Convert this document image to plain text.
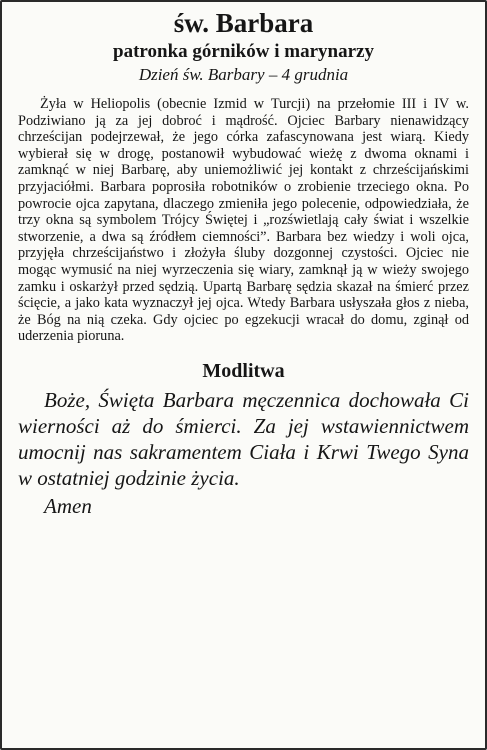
św. Barbara
patronka górników i marynarzy

Dzień św. Barbary – 4 grudnia

Żyła w Heliopolis (obecnie Izmid w Turcji) na przełomie III i IV w. Podziwiano ją za jej dobroć i mądrość. Ojciec Barbary nienawidzący chrześcijan podejrzewał, że jego córka zafascynowana jest wiarą. Kiedy wybierał się w drogę, postanowił wybudować wieżę z dwoma oknami i zamknąć w niej Barbarę, aby uniemożliwić jej kontakt z chrześcijańskimi przyjaciółmi. Barbara poprosiła robotników o zrobienie trzeciego okna. Po powrocie ojca zapytana, dlaczego zmieniła jego polecenie, odpowiedziała, że trzy okna są symbolem Trójcy Świętej i „rozświetlają cały świat i wszelkie stworzenie, a dwa są źródłem ciemności”. Barbara bez wiedzy i woli ojca, przyjęła chrześcijaństwo i złożyła śluby dozgonnej czystości. Ojciec nie mogąc wymusić na niej wyrzeczenia się wiary, zamknął ją w wieży swojego zamku i oskarżył przed sędzią. Upartą Barbarę sędzia skazał na śmierć przez ścięcie, a jako kata wyznaczył jej ojca. Wtedy Barbara usłyszała głos z nieba, że Bóg na nią czeka. Gdy ojciec po egzekucji wracał do domu, zginął od uderzenia pioruna.

Modlitwa

Boże, Święta Barbara męczennica dochowała Ci wierności aż do śmierci. Za jej wstawiennictwem umocnij nas sakramentem Ciała i Krwi Twego Syna w ostatniej godzinie życia.

Amen
